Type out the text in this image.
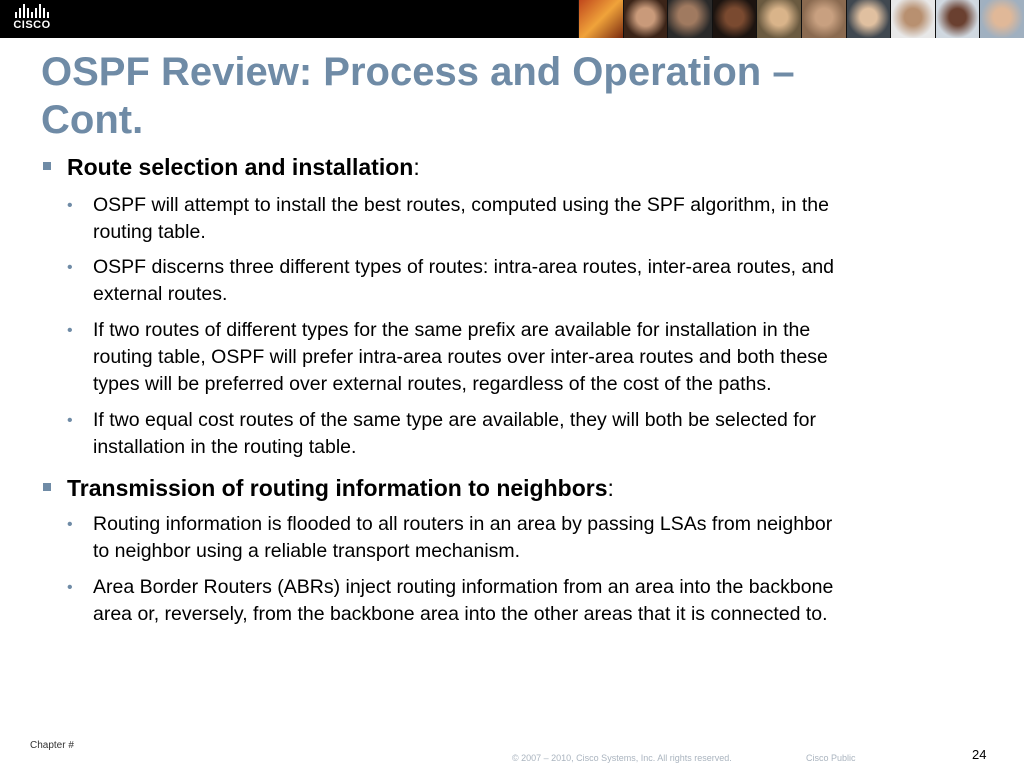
CISCO
OSPF Review: Process and Operation –
Cont.
Route selection and installation:
• OSPF will attempt to install the best routes, computed using the SPF algorithm, in the
routing table.
• OSPF discerns three different types of routes: intra-area routes, inter-area routes, and
external routes.
• If two routes of different types for the same prefix are available for installation in the
routing table, OSPF will prefer intra-area routes over inter-area routes and both these
types will be preferred over external routes, regardless of the cost of the paths.
• If two equal cost routes of the same type are available, they will both be selected for
installation in the routing table.
Transmission of routing information to neighbors:
• Routing information is flooded to all routers in an area by passing LSAs from neighbor
to neighbor using a reliable transport mechanism.
• Area Border Routers (ABRs) inject routing information from an area into the backbone
area or, reversely, from the backbone area into the other areas that it is connected to.
Chapter #
© 2007 – 2010, Cisco Systems, Inc. All rights reserved.	Cisco Public	24
